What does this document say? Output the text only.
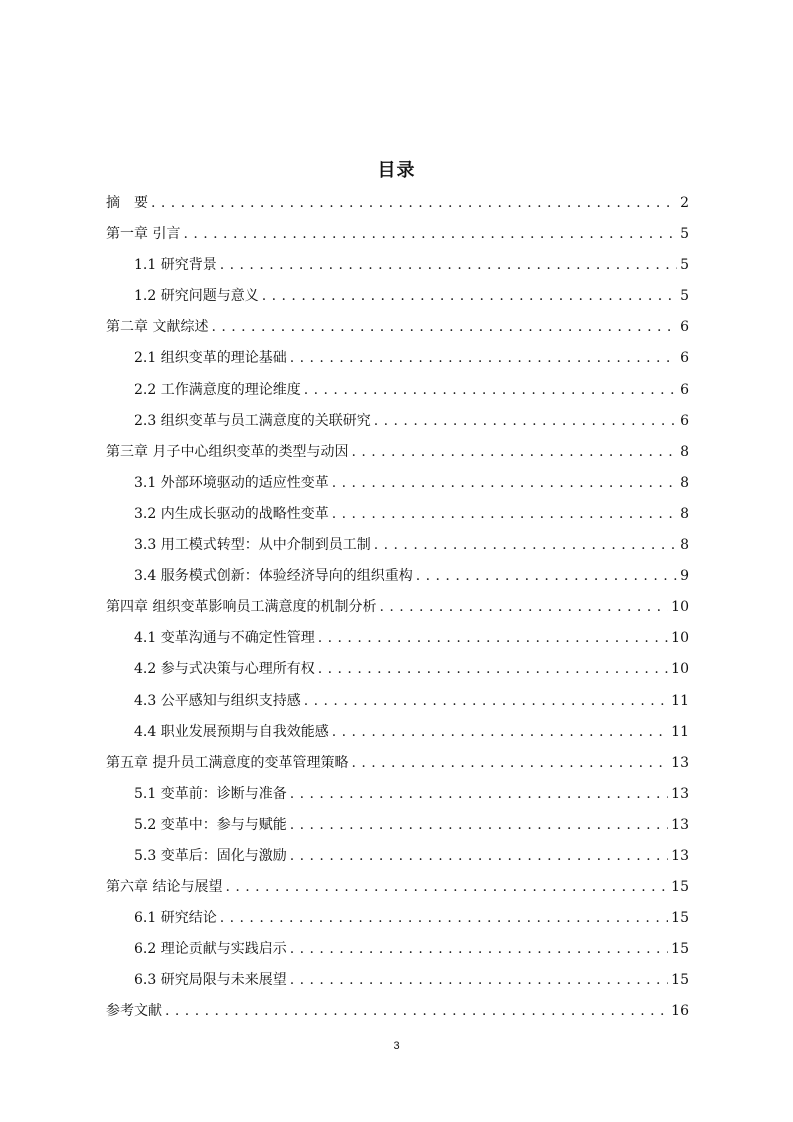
目录
摘　要 . . .	2
第一章 引言 . . .	5
1.1 研究背景 . . .	5
1.2 研究问题与意义 . . .	5
第二章 文献综述 . . .	6
2.1 组织变革的理论基础 . . .	6
2.2 工作满意度的理论维度 . . .	6
2.3 组织变革与员工满意度的关联研究 . . .	6
第三章 月子中心组织变革的类型与动因 . . .	8
3.1 外部环境驱动的适应性变革 . . .	8
3.2 内生成长驱动的战略性变革 . . .	8
3.3 用工模式转型：从中介制到员工制 . . .	8
3.4 服务模式创新：体验经济导向的组织重构 . . .	9
第四章 组织变革影响员工满意度的机制分析 . . .	10
4.1 变革沟通与不确定性管理 . . .	10
4.2 参与式决策与心理所有权 . . .	10
4.3 公平感知与组织支持感 . . .	11
4.4 职业发展预期与自我效能感 . . .	11
第五章 提升员工满意度的变革管理策略 . . .	13
5.1 变革前：诊断与准备 . . .	13
5.2 变革中：参与与赋能 . . .	13
5.3 变革后：固化与激励 . . .	13
第六章 结论与展望 . . .	15
6.1 研究结论 . . .	15
6.2 理论贡献与实践启示 . . .	15
6.3 研究局限与未来展望 . . .	15
参考文献 . . .	16
3
